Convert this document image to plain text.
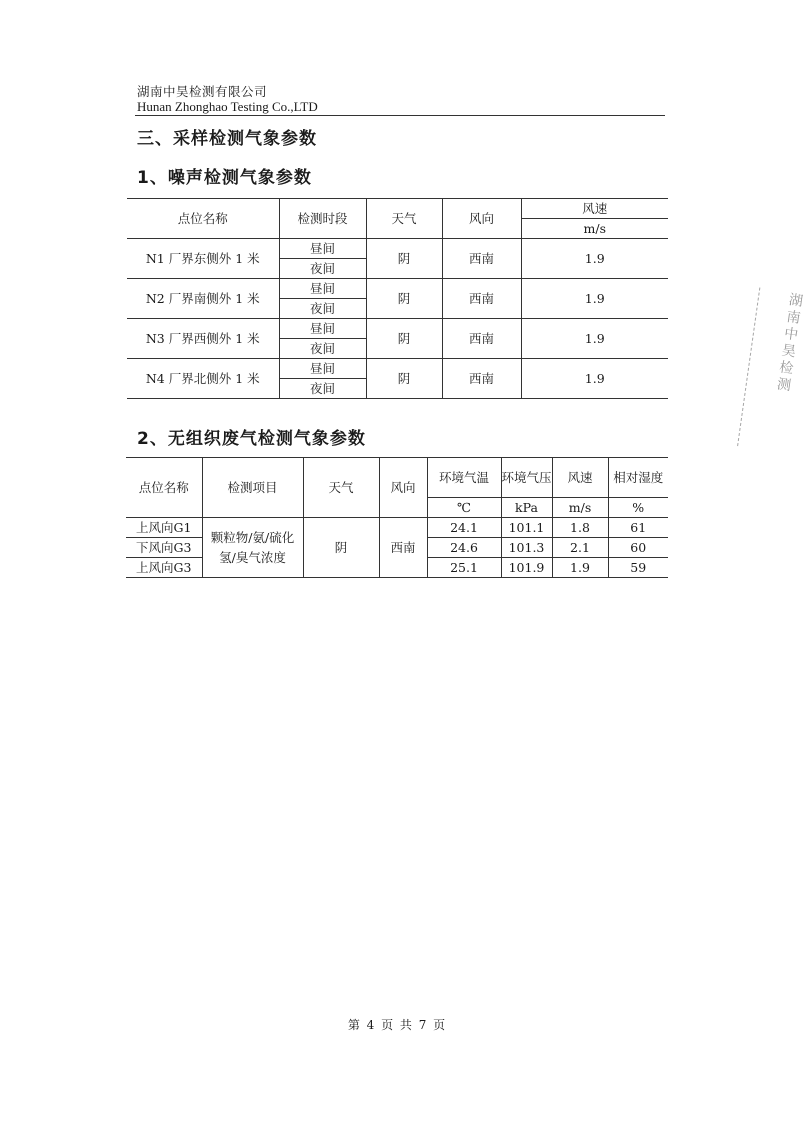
湖南中昊检测有限公司
Hunan Zhonghao Testing Co.,LTD
三、采样检测气象参数
1、噪声检测气象参数
点位名称	检测时段	天气	风向	风速
				m/s
N1 厂界东侧外 1 米	昼间	阴	西南	1.9
	夜间			
N2 厂界南侧外 1 米	昼间	阴	西南	1.9
	夜间			
N3 厂界西侧外 1 米	昼间	阴	西南	1.9
	夜间			
N4 厂界北侧外 1 米	昼间	阴	西南	1.9
	夜间			
2、无组织废气检测气象参数
点位名称	检测项目	天气	风向	环境气温	环境气压	风速	相对湿度
				℃	kPa	m/s	%
上风向G1	颗粒物/氨/硫化氢/臭气浓度	阴	西南	24.1	101.1	1.8	61
下风向G3				24.6	101.3	2.1	60
上风向G3				25.1	101.9	1.9	59
第 4 页 共 7 页
湖南中昊检测
